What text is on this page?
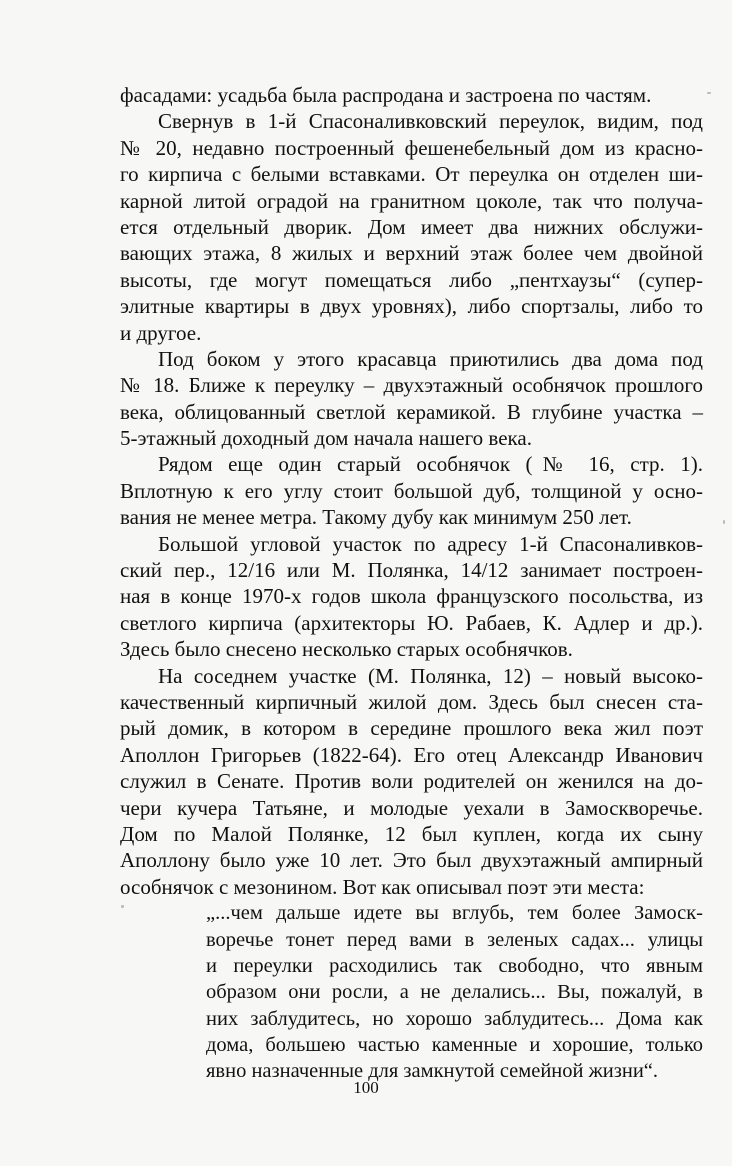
фасадами: усадьба была распродана и застроена по частям.
Свернув в 1-й Спасоналивковский переулок, видим, под
№ 20, недавно построенный фешенебельный дом из красно-
го кирпича с белыми вставками. От переулка он отделен ши-
карной литой оградой на гранитном цоколе, так что получа-
ется отдельный дворик. Дом имеет два нижних обслужи-
вающих этажа, 8 жилых и верхний этаж более чем двойной
высоты, где могут помещаться либо „пентхаузы“ (супер-
элитные квартиры в двух уровнях), либо спортзалы, либо то
и другое.
Под боком у этого красавца приютились два дома под
№ 18. Ближе к переулку – двухэтажный особнячок прошлого
века, облицованный светлой керамикой. В глубине участка –
5-этажный доходный дом начала нашего века.
Рядом еще один старый особнячок (№ 16, стр. 1).
Вплотную к его углу стоит большой дуб, толщиной у осно-
вания не менее метра. Такому дубу как минимум 250 лет.
Большой угловой участок по адресу 1-й Спасоналивков-
ский пер., 12/16 или М. Полянка, 14/12 занимает построен-
ная в конце 1970-х годов школа французского посольства, из
светлого кирпича (архитекторы Ю. Рабаев, К. Адлер и др.).
Здесь было снесено несколько старых особнячков.
На соседнем участке (М. Полянка, 12) – новый высоко-
качественный кирпичный жилой дом. Здесь был снесен ста-
рый домик, в котором в середине прошлого века жил поэт
Аполлон Григорьев (1822-64). Его отец Александр Иванович
служил в Сенате. Против воли родителей он женился на до-
чери кучера Татьяне, и молодые уехали в Замоскворечье.
Дом по Малой Полянке, 12 был куплен, когда их сыну
Аполлону было уже 10 лет. Это был двухэтажный ампирный
особнячок с мезонином. Вот как описывал поэт эти места:
„...чем дальше идете вы вглубь, тем более Замоск-
воречье тонет перед вами в зеленых садах... улицы
и переулки расходились так свободно, что явным
образом они росли, а не делались... Вы, пожалуй, в
них заблудитесь, но хорошо заблудитесь... Дома как
дома, большею частью каменные и хорошие, только
явно назначенные для замкнутой семейной жизни“.
100
